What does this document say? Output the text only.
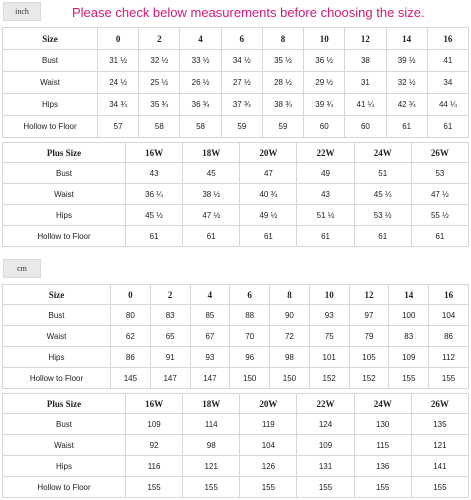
inch	Please check below measurements before choosing the size.
Size	0	2	4	6	8	10	12	14	16
Bust	31 ½	32 ½	33 ½	34 ½	35 ½	36 ½	38	39 ½	41
Waist	24 ½	25 ½	26 ½	27 ½	28 ½	29 ½	31	32 ½	34
Hips	34 ¾	35 ¾	36 ¾	37 ¾	38 ¾	39 ¾	41 ¼	42 ¾	44 ¼
Hollow to Floor	57	58	58	59	59	60	60	61	61
Plus Size	16W	18W	20W	22W	24W	26W
Bust	43	45	47	49	51	53
Waist	36 ¼	38 ½	40 ¾	43	45 ¼	47 ½
Hips	45 ½	47 ½	49 ½	51 ½	53 ½	55 ½
Hollow to Floor	61	61	61	61	61	61
cm
Size	0	2	4	6	8	10	12	14	16
Bust	80	83	85	88	90	93	97	100	104
Waist	62	65	67	70	72	75	79	83	86
Hips	86	91	93	96	98	101	105	109	112
Hollow to Floor	145	147	147	150	150	152	152	155	155
Plus Size	16W	18W	20W	22W	24W	26W
Bust	109	114	119	124	130	135
Waist	92	98	104	109	115	121
Hips	116	121	126	131	136	141
Hollow to Floor	155	155	155	155	155	155
